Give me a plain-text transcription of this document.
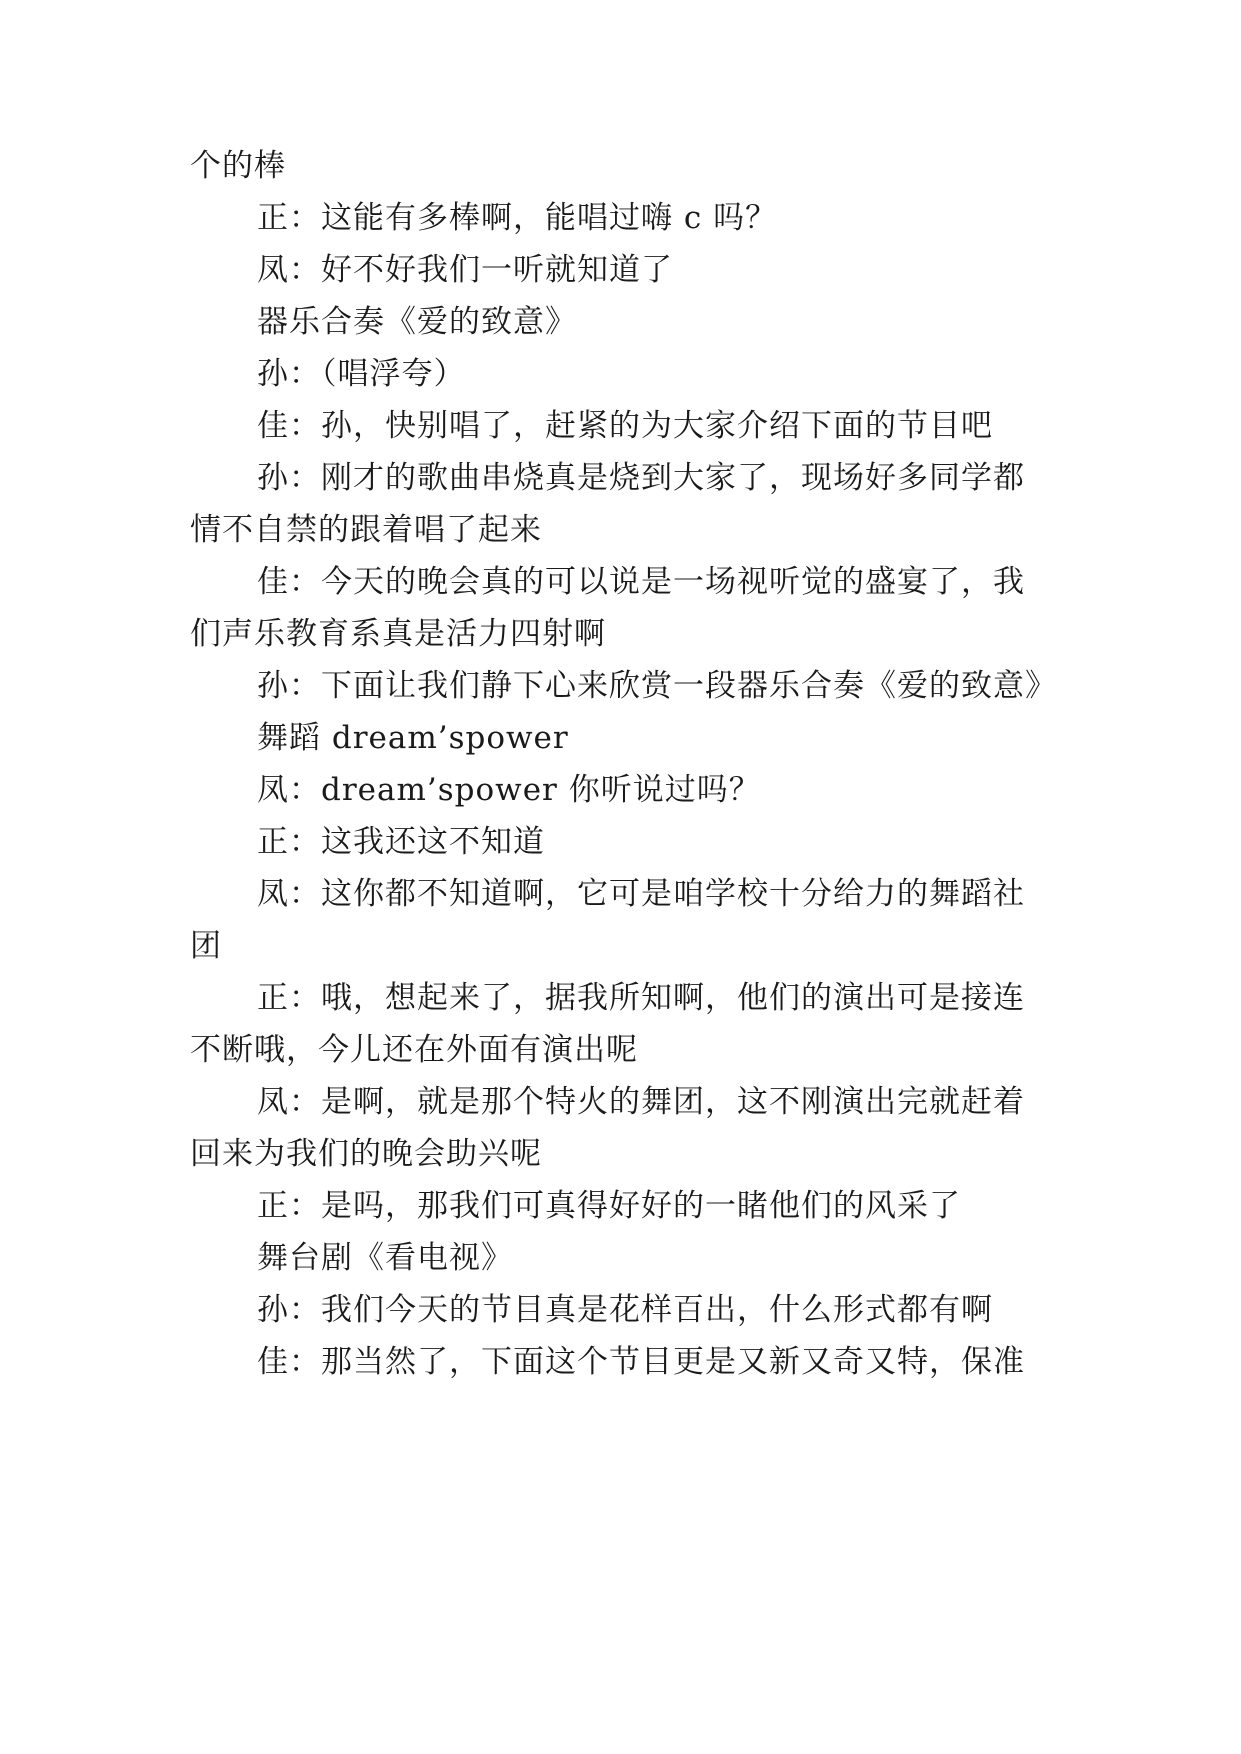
个的棒

正：这能有多棒啊，能唱过嗨 c 吗？

凤：好不好我们一听就知道了

器乐合奏《爱的致意》

孙：（唱浮夸）

佳：孙，快别唱了，赶紧的为大家介绍下面的节目吧

孙：刚才的歌曲串烧真是烧到大家了，现场好多同学都

情不自禁的跟着唱了起来

佳：今天的晚会真的可以说是一场视听觉的盛宴了，我

们声乐教育系真是活力四射啊

孙：下面让我们静下心来欣赏一段器乐合奏《爱的致意》

舞蹈 dream’spower

凤：dream’spower 你听说过吗？

正：这我还这不知道

凤：这你都不知道啊，它可是咱学校十分给力的舞蹈社

团

正：哦，想起来了，据我所知啊，他们的演出可是接连

不断哦，今儿还在外面有演出呢

凤：是啊，就是那个特火的舞团，这不刚演出完就赶着

回来为我们的晚会助兴呢

正：是吗，那我们可真得好好的一睹他们的风采了

舞台剧《看电视》

孙：我们今天的节目真是花样百出，什么形式都有啊

佳：那当然了，下面这个节目更是又新又奇又特，保准
